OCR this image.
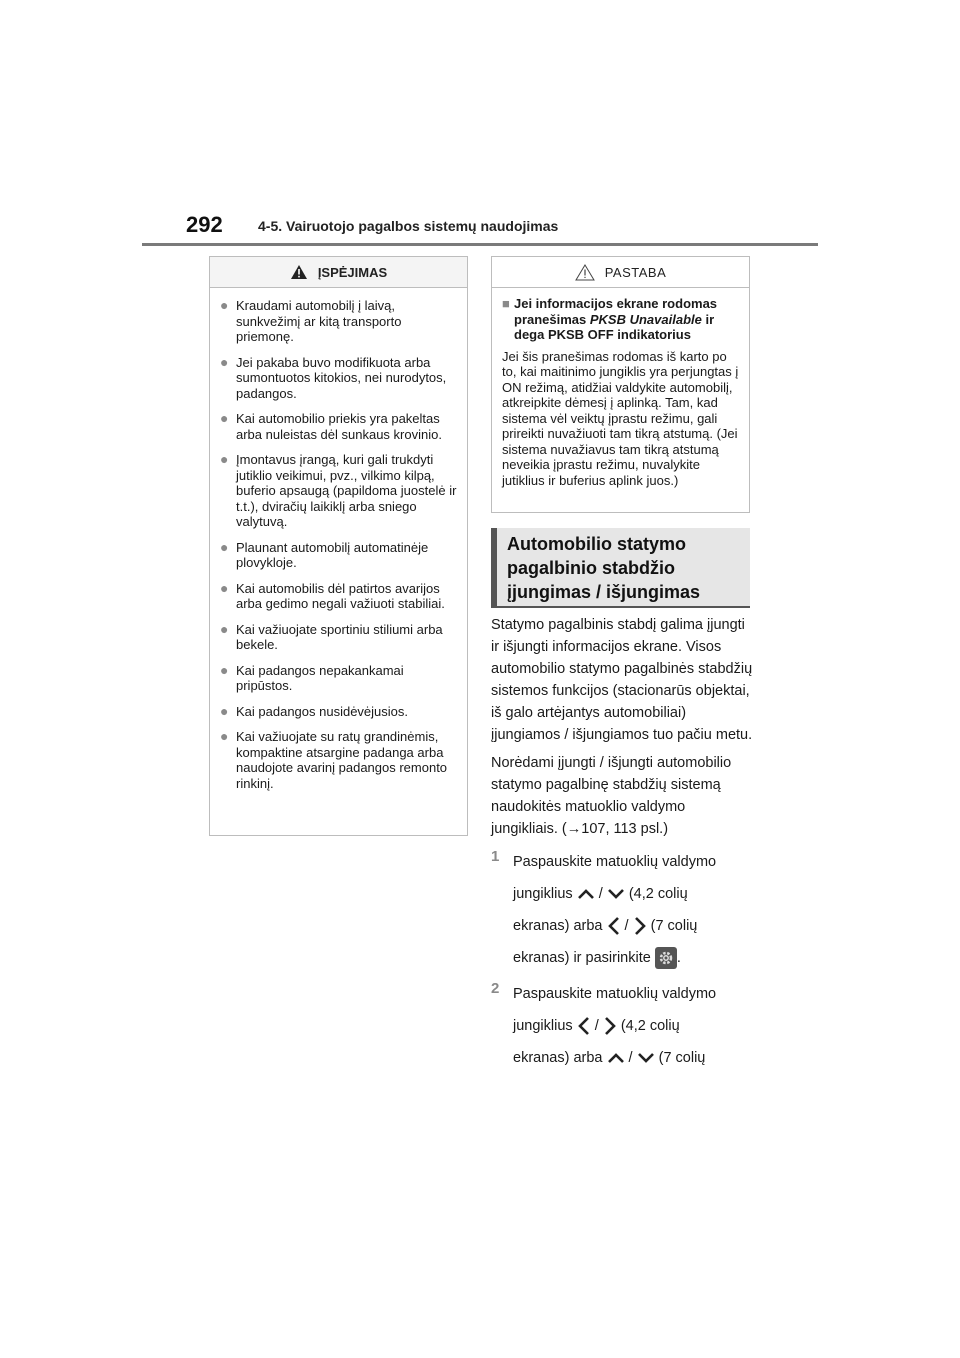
292	4-5. Vairuotojo pagalbos sistemų naudojimas
ĮSPĖJIMAS
● Kraudami automobilį į laivą, sunkvežimį ar kitą transporto priemonę.
● Jei pakaba buvo modifikuota arba sumontuotos kitokios, nei nurodytos, padangos.
● Kai automobilio priekis yra pakeltas arba nuleistas dėl sunkaus krovinio.
● Įmontavus įrangą, kuri gali trukdyti jutiklio veikimui, pvz., vilkimo kilpą, buferio apsaugą (papildoma juostelė ir t.t.), dviračių laikiklį arba sniego valytuvą.
● Plaunant automobilį automatinėje plovykloje.
● Kai automobilis dėl patirtos avarijos arba gedimo negali važiuoti stabiliai.
● Kai važiuojate sportiniu stiliumi arba bekele.
● Kai padangos nepakankamai pripūstos.
● Kai padangos nusidėvėjusios.
● Kai važiuojate su ratų grandinėmis, kompaktine atsargine padanga arba naudojote avarinį padangos remonto rinkinį.
PASTABA
■ Jei informacijos ekrane rodomas pranešimas PKSB Unavailable ir dega PKSB OFF indikatorius

Jei šis pranešimas rodomas iš karto po to, kai maitinimo jungiklis yra perjungtas į ON režimą, atidžiai valdykite automobilį, atkreipkite dėmesį į aplinką. Tam, kad sistema vėl veiktų įprastu režimu, gali prireikti nuvažiuoti tam tikrą atstumą. (Jei sistema nuvažiavus tam tikrą atstumą neveikia įprastu režimu, nuvalykite jutiklius ir buferius aplink juos.)

Automobilio statymo
pagalbinio stabdžio
įjungimas / išjungimas

Statymo pagalbinis stabdį galima įjungti ir išjungti informacijos ekrane. Visos automobilio statymo pagalbinės stabdžių sistemos funkcijos (stacionarūs objektai, iš galo artėjantys automobiliai) įjungiamos / išjungiamos tuo pačiu metu.

Norėdami įjungti / išjungti automobilio statymo pagalbinę stabdžių sistemą naudokitės matuoklio valdymo jungikliais. (→107, 113 psl.)

1 Paspauskite matuoklių valdymo
jungiklius / (4,2 colių
ekranas) arba / (7 colių
ekranas) ir pasirinkite .
2 Paspauskite matuoklių valdymo
jungiklius / (4,2 colių
ekranas) arba / (7 colių
